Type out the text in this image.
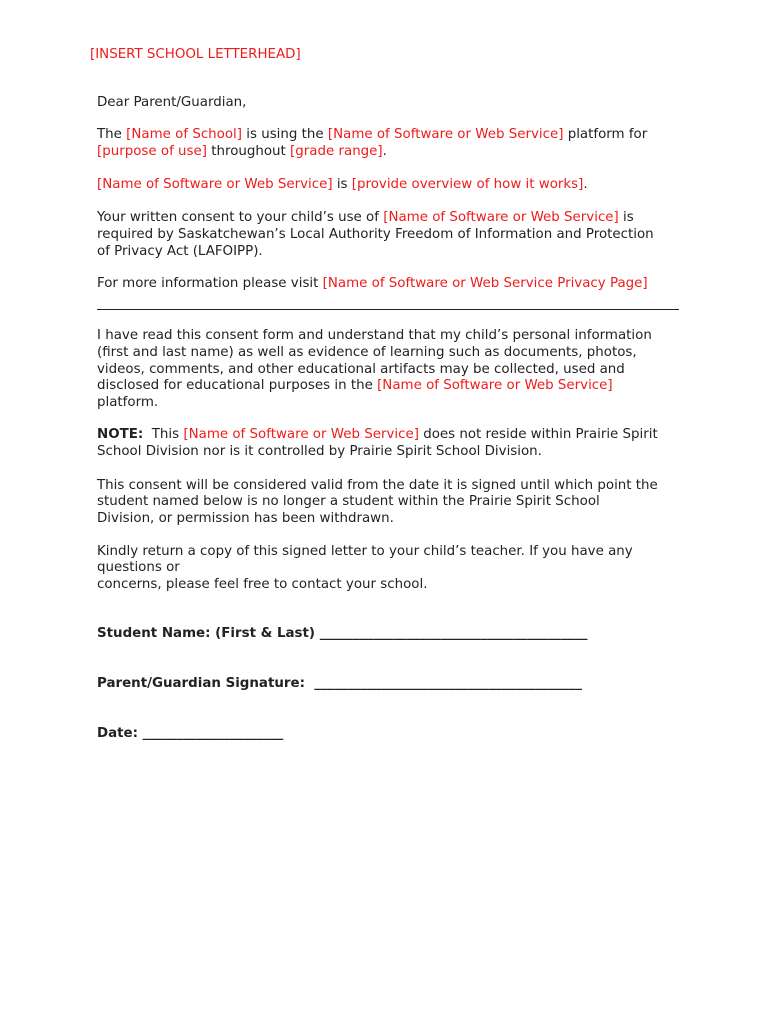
[INSERT SCHOOL LETTERHEAD]
Dear Parent/Guardian,
The [Name of School] is using the [Name of Software or Web Service] platform for
[purpose of use] throughout [grade range].
[Name of Software or Web Service] is [provide overview of how it works].
Your written consent to your child’s use of [Name of Software or Web Service] is
required by Saskatchewan’s Local Authority Freedom of Information and Protection
of Privacy Act (LAFOIPP).
For more information please visit [Name of Software or Web Service Privacy Page]
I have read this consent form and understand that my child’s personal information
(first and last name) as well as evidence of learning such as documents, photos,
videos, comments, and other educational artifacts may be collected, used and
disclosed for educational purposes in the [Name of Software or Web Service]
platform.
NOTE:  This [Name of Software or Web Service] does not reside within Prairie Spirit
School Division nor is it controlled by Prairie Spirit School Division.
This consent will be considered valid from the date it is signed until which point the
student named below is no longer a student within the Prairie Spirit School
Division, or permission has been withdrawn.
Kindly return a copy of this signed letter to your child’s teacher. If you have any
questions or
concerns, please feel free to contact your school.
Student Name: (First & Last) ________________________________________
Parent/Guardian Signature:  ________________________________________
Date: _____________________
